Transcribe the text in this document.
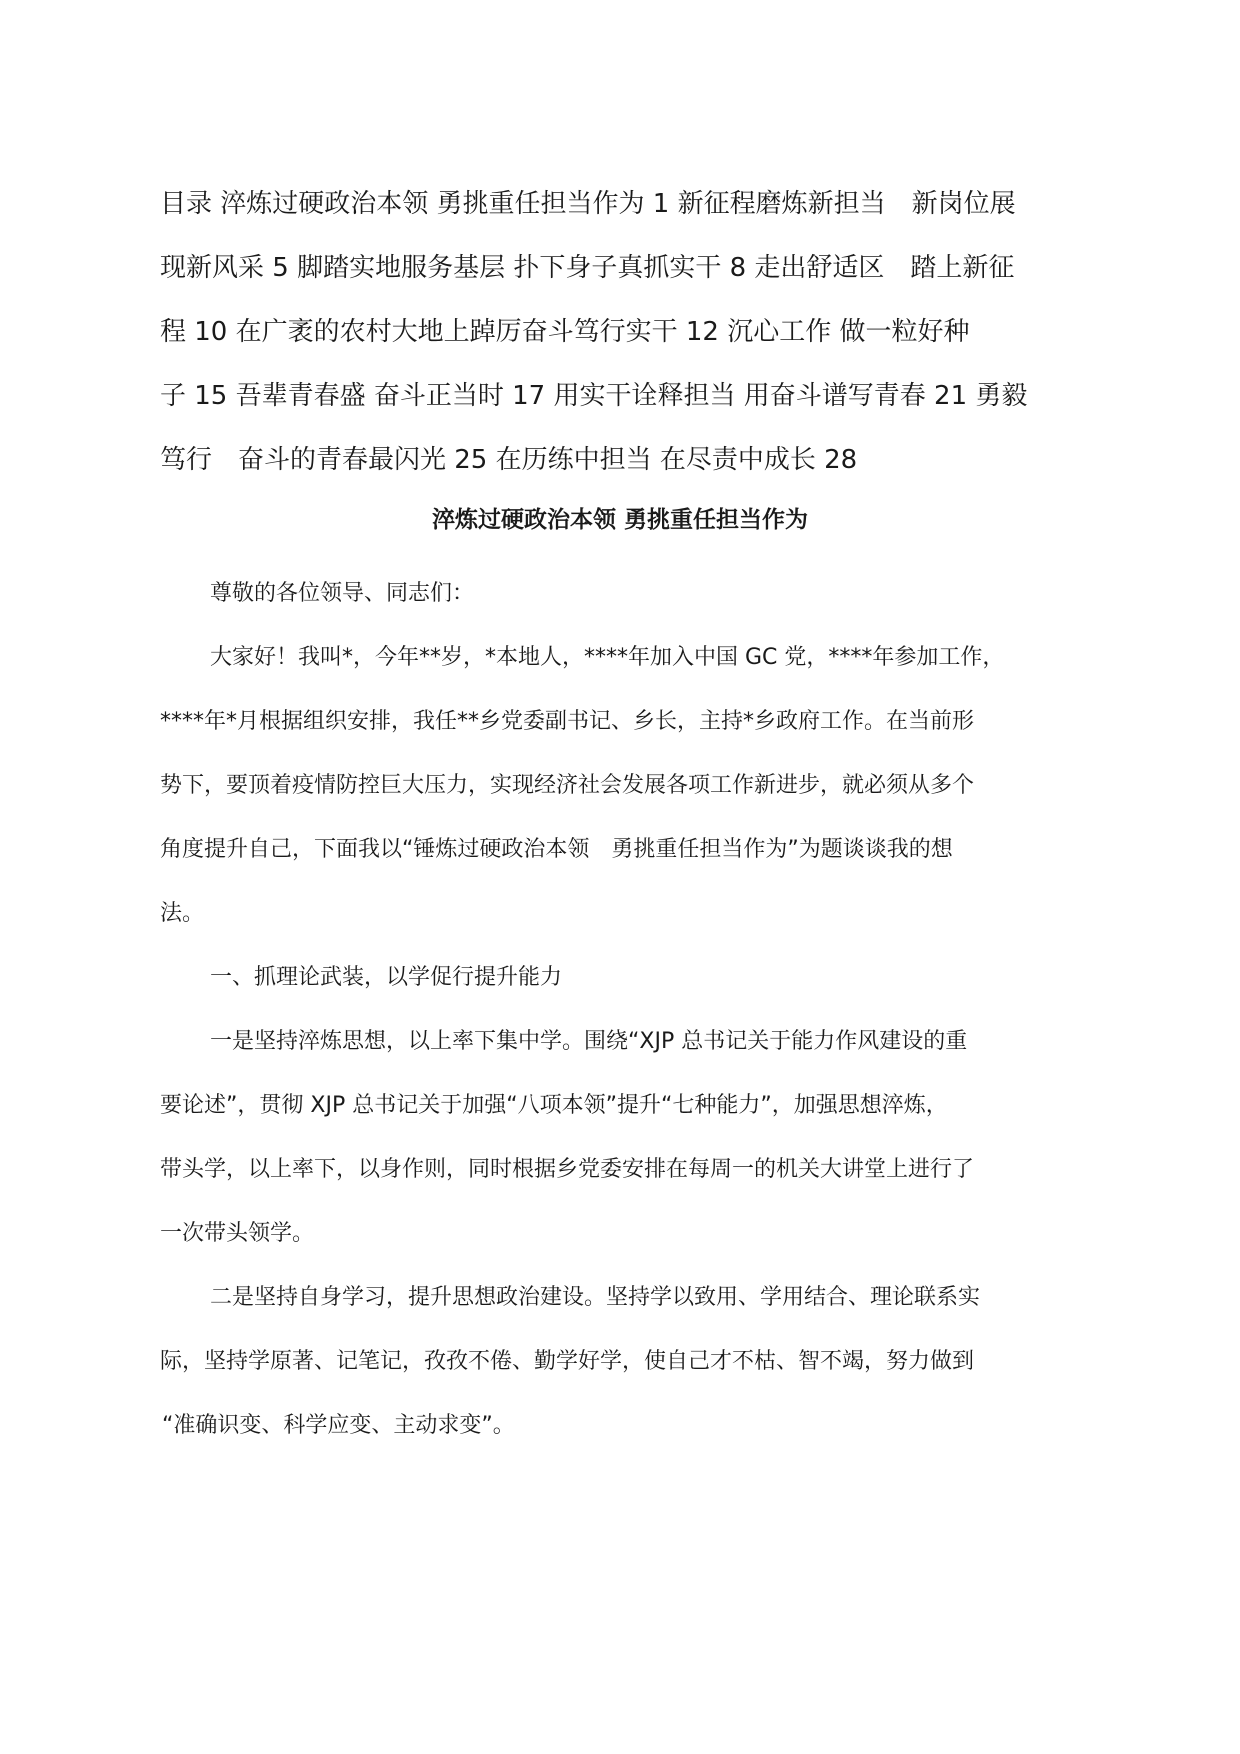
目录 淬炼过硬政治本领 勇挑重任担当作为 1 新征程磨炼新担当　新岗位展
现新风采 5 脚踏实地服务基层 扑下身子真抓实干 8 走出舒适区　踏上新征
程 10 在广袤的农村大地上踔厉奋斗笃行实干 12 沉心工作 做一粒好种
子 15 吾辈青春盛 奋斗正当时 17 用实干诠释担当 用奋斗谱写青春 21 勇毅
笃行　奋斗的青春最闪光 25 在历练中担当 在尽责中成长 28
淬炼过硬政治本领 勇挑重任担当作为
尊敬的各位领导、同志们：
大家好！我叫*，今年**岁，*本地人，****年加入中国 GC 党，****年参加工作，
****年*月根据组织安排，我任**乡党委副书记、乡长，主持*乡政府工作。在当前形
势下，要顶着疫情防控巨大压力，实现经济社会发展各项工作新进步，就必须从多个
角度提升自己，下面我以“锤炼过硬政治本领　勇挑重任担当作为”为题谈谈我的想
法。
一、抓理论武装，以学促行提升能力
一是坚持淬炼思想，以上率下集中学。围绕“XJP 总书记关于能力作风建设的重
要论述”，贯彻 XJP 总书记关于加强“八项本领”提升“七种能力”，加强思想淬炼，
带头学，以上率下，以身作则，同时根据乡党委安排在每周一的机关大讲堂上进行了
一次带头领学。
二是坚持自身学习，提升思想政治建设。坚持学以致用、学用结合、理论联系实
际，坚持学原著、记笔记，孜孜不倦、勤学好学，使自己才不枯、智不竭，努力做到
“准确识变、科学应变、主动求变”。
